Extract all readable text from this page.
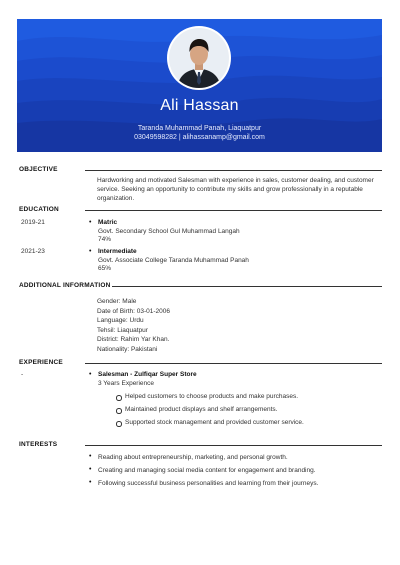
Ali Hassan
Taranda Muhammad Panah, Liaquatpur
03049598282 | alihassanamp@gmail.com
OBJECTIVE
Hardworking and motivated Salesman with experience in sales, customer dealing, and customer service. Seeking an opportunity to contribute my skills and grow professionally in a reputable organization.
EDUCATION
2019-21	• Matric
Govt. Secondary School Gul Muhammad Langah
74%
2021-23	• Intermediate
Govt. Associate College Taranda Muhammad Panah
65%
ADDITIONAL INFORMATION
Gender: Male
Date of Birth: 03-01-2006
Language: Urdu
Tehsil: Liaquatpur
District: Rahim Yar Khan.
Nationality: Pakistani
EXPERIENCE
-	• Salesman - Zulfiqar Super Store
3 Years Experience
Helped customers to choose products and make purchases.
Maintained product displays and shelf arrangements.
Supported stock management and provided customer service.
INTERESTS
• Reading about entrepreneurship, marketing, and personal growth.
• Creating and managing social media content for engagement and branding.
• Following successful business personalities and learning from their journeys.
